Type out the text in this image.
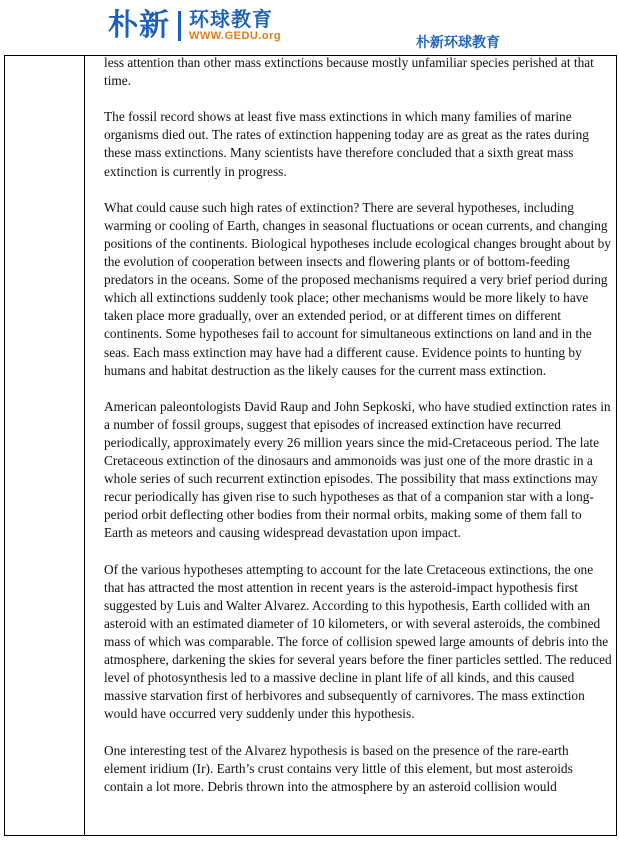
朴新 环球教育
WWW.GEDU.org	朴新环球教育

less attention than other mass extinctions because mostly unfamiliar species perished at that time.

The fossil record shows at least five mass extinctions in which many families of marine organisms died out. The rates of extinction happening today are as great as the rates during these mass extinctions. Many scientists have therefore concluded that a sixth great mass extinction is currently in progress.

What could cause such high rates of extinction? There are several hypotheses, including warming or cooling of Earth, changes in seasonal fluctuations or ocean currents, and changing positions of the continents. Biological hypotheses include ecological changes brought about by the evolution of cooperation between insects and flowering plants or of bottom-feeding predators in the oceans. Some of the proposed mechanisms required a very brief period during which all extinctions suddenly took place; other mechanisms would be more likely to have taken place more gradually, over an extended period, or at different times on different continents. Some hypotheses fail to account for simultaneous extinctions on land and in the seas. Each mass extinction may have had a different cause. Evidence points to hunting by humans and habitat destruction as the likely causes for the current mass extinction.

American paleontologists David Raup and John Sepkoski, who have studied extinction rates in a number of fossil groups, suggest that episodes of increased extinction have recurred periodically, approximately every 26 million years since the mid-Cretaceous period. The late Cretaceous extinction of the dinosaurs and ammonoids was just one of the more drastic in a whole series of such recurrent extinction episodes. The possibility that mass extinctions may recur periodically has given rise to such hypotheses as that of a companion star with a long-period orbit deflecting other bodies from their normal orbits, making some of them fall to Earth as meteors and causing widespread devastation upon impact.

Of the various hypotheses attempting to account for the late Cretaceous extinctions, the one that has attracted the most attention in recent years is the asteroid-impact hypothesis first suggested by Luis and Walter Alvarez. According to this hypothesis, Earth collided with an asteroid with an estimated diameter of 10 kilometers, or with several asteroids, the combined mass of which was comparable. The force of collision spewed large amounts of debris into the atmosphere, darkening the skies for several years before the finer particles settled. The reduced level of photosynthesis led to a massive decline in plant life of all kinds, and this caused massive starvation first of herbivores and subsequently of carnivores. The mass extinction would have occurred very suddenly under this hypothesis.

One interesting test of the Alvarez hypothesis is based on the presence of the rare-earth element iridium (Ir). Earth’s crust contains very little of this element, but most asteroids contain a lot more. Debris thrown into the atmosphere by an asteroid collision would
